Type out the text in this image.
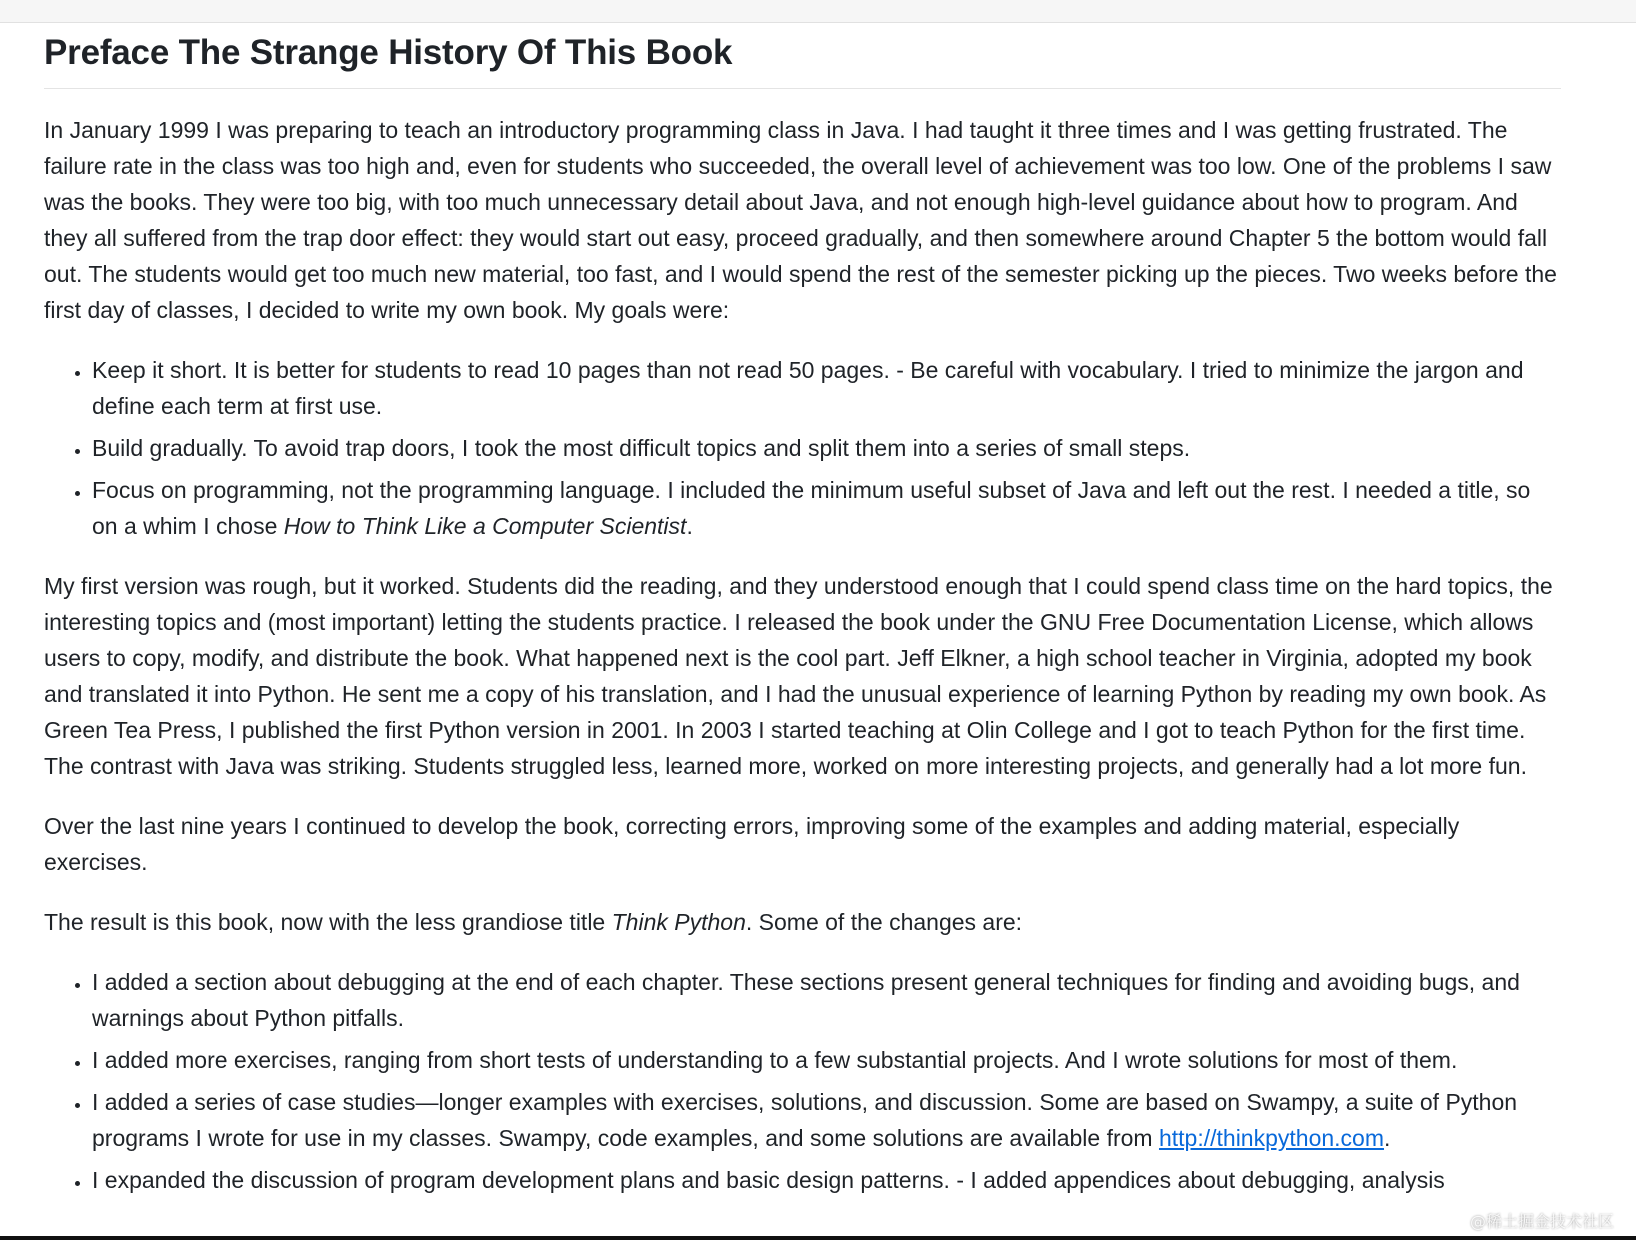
Preface The Strange History Of This Book

In January 1999 I was preparing to teach an introductory programming class in Java. I had taught it three times and I was getting frustrated. The failure rate in the class was too high and, even for students who succeeded, the overall level of achievement was too low. One of the problems I saw was the books. They were too big, with too much unnecessary detail about Java, and not enough high-level guidance about how to program. And they all suffered from the trap door effect: they would start out easy, proceed gradually, and then somewhere around Chapter 5 the bottom would fall out. The students would get too much new material, too fast, and I would spend the rest of the semester picking up the pieces. Two weeks before the first day of classes, I decided to write my own book. My goals were:

• Keep it short. It is better for students to read 10 pages than not read 50 pages. - Be careful with vocabulary. I tried to minimize the jargon and define each term at first use.
• Build gradually. To avoid trap doors, I took the most difficult topics and split them into a series of small steps.
• Focus on programming, not the programming language. I included the minimum useful subset of Java and left out the rest. I needed a title, so on a whim I chose How to Think Like a Computer Scientist.

My first version was rough, but it worked. Students did the reading, and they understood enough that I could spend class time on the hard topics, the interesting topics and (most important) letting the students practice. I released the book under the GNU Free Documentation License, which allows users to copy, modify, and distribute the book. What happened next is the cool part. Jeff Elkner, a high school teacher in Virginia, adopted my book and translated it into Python. He sent me a copy of his translation, and I had the unusual experience of learning Python by reading my own book. As Green Tea Press, I published the first Python version in 2001. In 2003 I started teaching at Olin College and I got to teach Python for the first time. The contrast with Java was striking. Students struggled less, learned more, worked on more interesting projects, and generally had a lot more fun.

Over the last nine years I continued to develop the book, correcting errors, improving some of the examples and adding material, especially exercises.

The result is this book, now with the less grandiose title Think Python. Some of the changes are:

• I added a section about debugging at the end of each chapter. These sections present general techniques for finding and avoiding bugs, and warnings about Python pitfalls.
• I added more exercises, ranging from short tests of understanding to a few substantial projects. And I wrote solutions for most of them.
• I added a series of case studies—longer examples with exercises, solutions, and discussion. Some are based on Swampy, a suite of Python programs I wrote for use in my classes. Swampy, code examples, and some solutions are available from http://thinkpython.com.
• I expanded the discussion of program development plans and basic design patterns. - I added appendices about debugging, analysis
@稀土掘金技术社区
